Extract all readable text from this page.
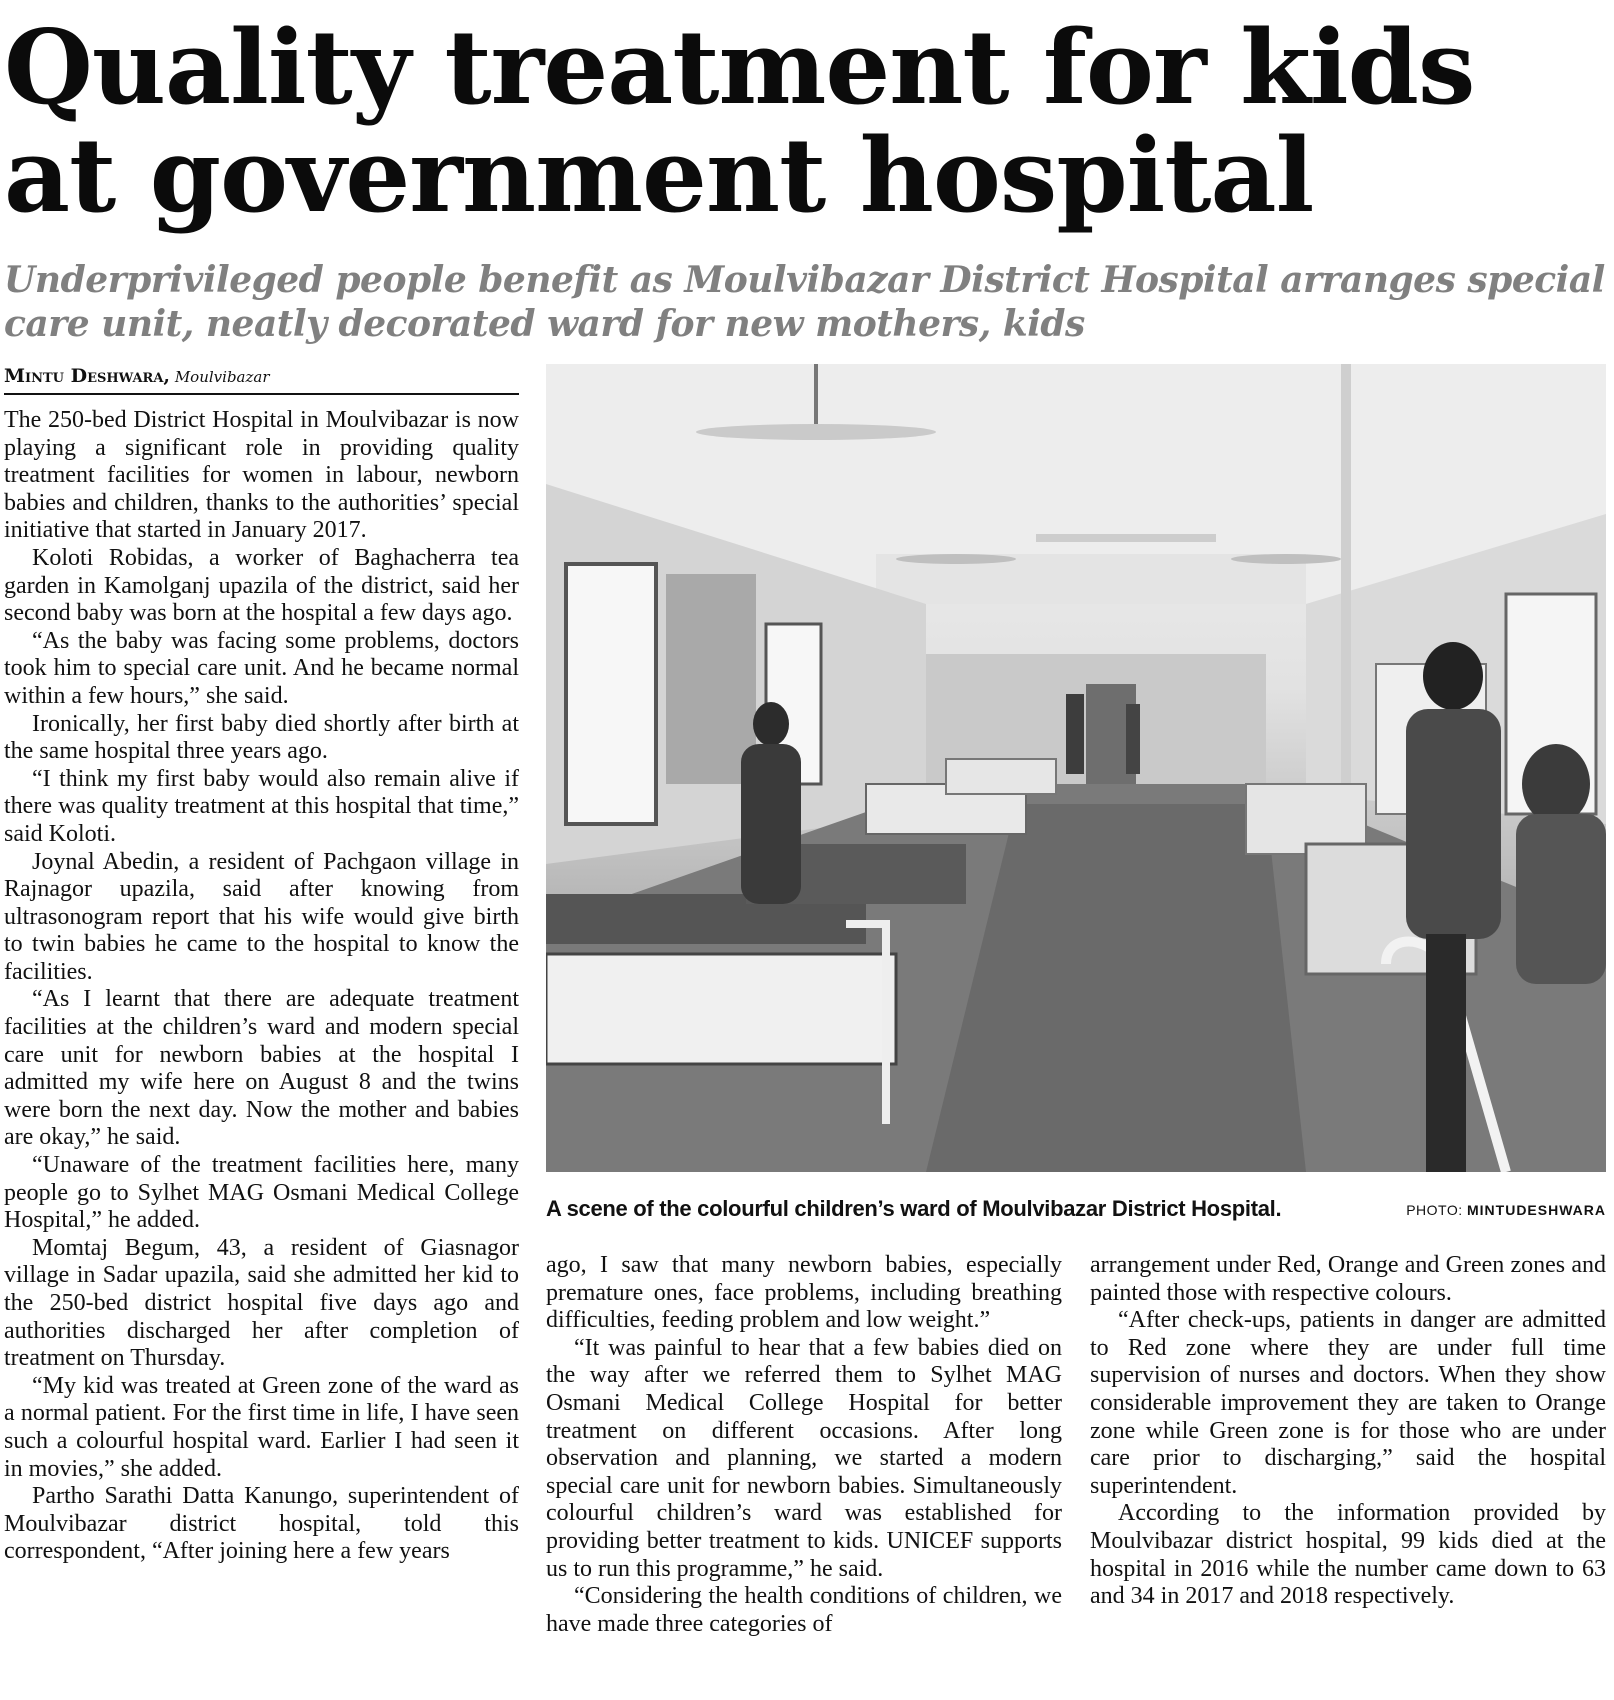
Quality treatment for kids at government hospital
Underprivileged people benefit as Moulvibazar District Hospital arranges special care unit, neatly decorated ward for new mothers, kids
Mintu Deshwara, Moulvibazar

The 250-bed District Hospital in Moulvibazar is now playing a significant role in providing quality treatment facilities for women in labour, newborn babies and children, thanks to the authorities’ special initiative that started in January 2017.

Koloti Robidas, a worker of Baghacherra tea garden in Kamolganj upazila of the district, said her second baby was born at the hospital a few days ago.

“As the baby was facing some problems, doctors took him to special care unit. And he became normal within a few hours,” she said.

Ironically, her first baby died shortly after birth at the same hospital three years ago.

“I think my first baby would also remain alive if there was quality treatment at this hospital that time,” said Koloti.

Joynal Abedin, a resident of Pachgaon village in Rajnagor upazila, said after knowing from ultrasonogram report that his wife would give birth to twin babies he came to the hospital to know the facilities.

“As I learnt that there are adequate treatment facilities at the children’s ward and modern special care unit for newborn babies at the hospital I admitted my wife here on August 8 and the twins were born the next day. Now the mother and babies are okay,” he said.

“Unaware of the treatment facilities here, many people go to Sylhet MAG Osmani Medical College Hospital,” he added.

Momtaj Begum, 43, a resident of Giasnagor village in Sadar upazila, said she admitted her kid to the 250-bed district hospital five days ago and authorities discharged her after completion of treatment on Thursday.

“My kid was treated at Green zone of the ward as a normal patient. For the first time in life, I have seen such a colourful hospital ward. Earlier I had seen it in movies,” she added.

Partho Sarathi Datta Kanungo, superintendent of Moulvibazar district hospital, told this correspondent, “After joining here a few years

A scene of the colourful children’s ward of Moulvibazar District Hospital.	PHOTO: MINTUDESHWARA

ago, I saw that many newborn babies, especially premature ones, face problems, including breathing difficulties, feeding problem and low weight.”

“It was painful to hear that a few babies died on the way after we referred them to Sylhet MAG Osmani Medical College Hospital for better treatment on different occasions. After long observation and planning, we started a modern special care unit for newborn babies. Simultaneously colourful children’s ward was established for providing better treatment to kids. UNICEF supports us to run this programme,” he said.

“Considering the health conditions of children, we have made three categories of

arrangement under Red, Orange and Green zones and painted those with respective colours.

“After check-ups, patients in danger are admitted to Red zone where they are under full time supervision of nurses and doctors. When they show considerable improvement they are taken to Orange zone while Green zone is for those who are under care prior to discharging,” said the hospital superintendent.

According to the information provided by Moulvibazar district hospital, 99 kids died at the hospital in 2016 while the number came down to 63 and 34 in 2017 and 2018 respectively.
